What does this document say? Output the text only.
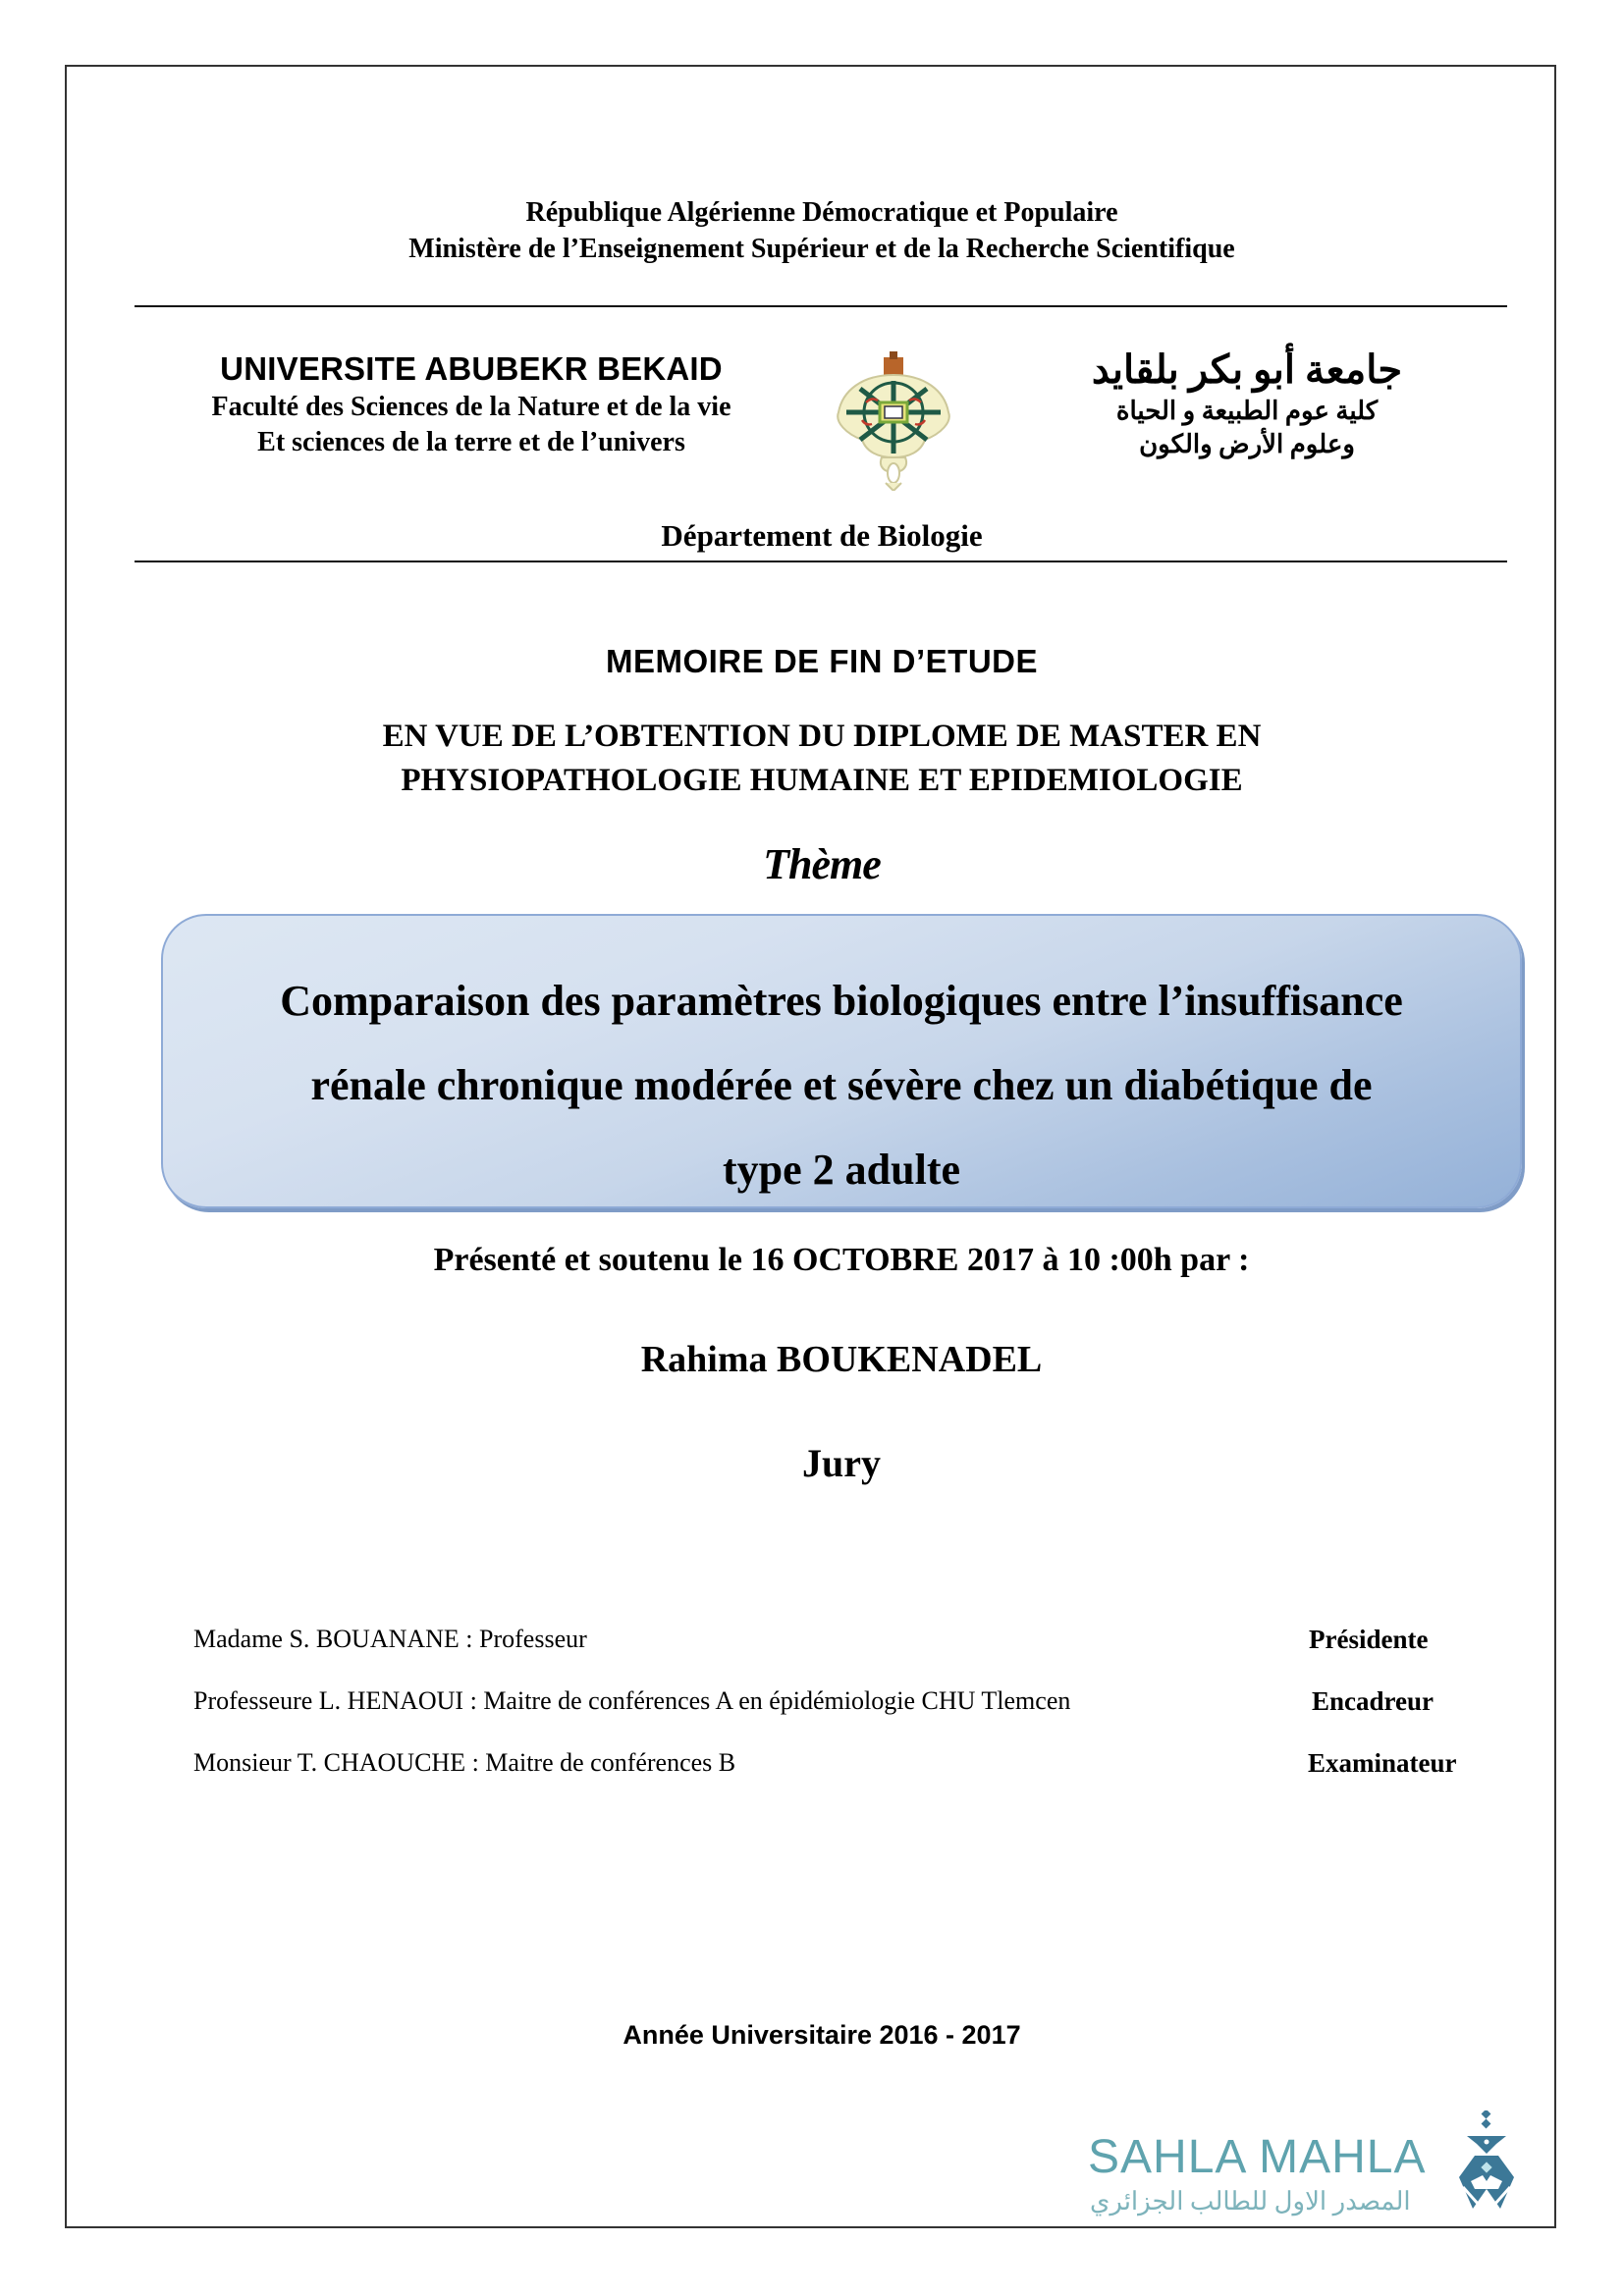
République Algérienne Démocratique et Populaire
Ministère de l’Enseignement Supérieur et de la Recherche Scientifique
UNIVERSITE ABUBEKR BEKAID
Faculté des Sciences de la Nature et de la vie
Et sciences de la terre et de l’univers
جامعة أبو بكر بلقايد
كلية عوم الطبيعة و الحياة
وعلوم الأرض والكون
Département de Biologie
MEMOIRE DE FIN D’ETUDE
EN VUE DE L’OBTENTION DU DIPLOME DE MASTER EN
PHYSIOPATHOLOGIE HUMAINE ET EPIDEMIOLOGIE
Thème
Comparaison des paramètres biologiques entre l’insuffisance
rénale chronique modérée et sévère chez un diabétique de
type 2 adulte
Présenté et soutenu le 16 OCTOBRE 2017 à 10 :00h par :
Rahima BOUKENADEL
Jury
Madame S. BOUANANE : Professeur	Présidente
Professeure L. HENAOUI : Maitre de conférences A en épidémiologie CHU Tlemcen	Encadreur
Monsieur T. CHAOUCHE : Maitre de conférences B	Examinateur
Année Universitaire 2016 - 2017
SAHLA MAHLA
المصدر الاول للطالب الجزائري
